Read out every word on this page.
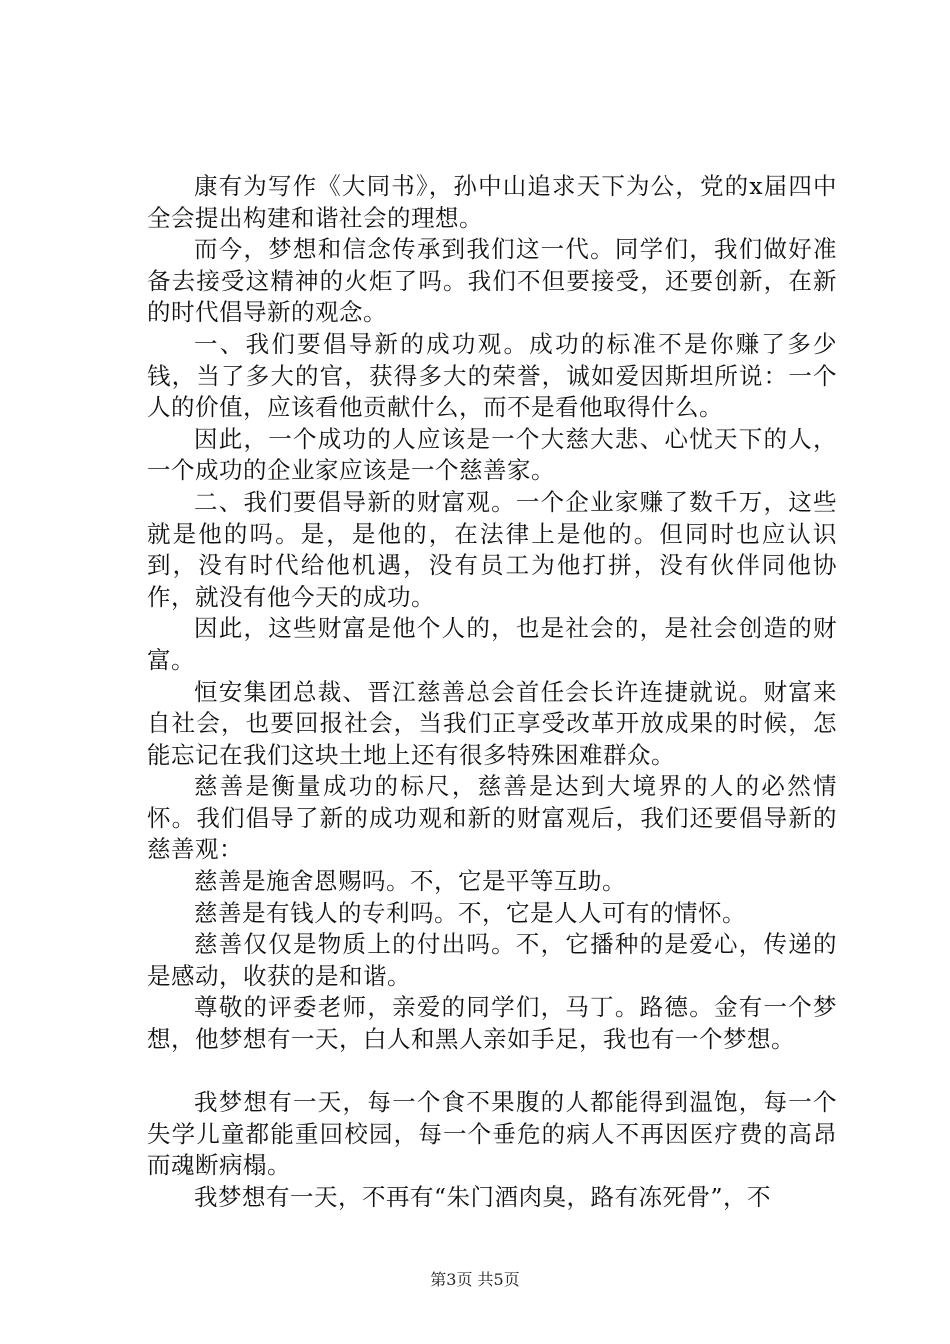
康有为写作《大同书》，孙中山追求天下为公，党的x届四中全会提出构建和谐社会的理想。

而今，梦想和信念传承到我们这一代。同学们，我们做好准备去接受这精神的火炬了吗。我们不但要接受，还要创新，在新的时代倡导新的观念。

一、我们要倡导新的成功观。成功的标准不是你赚了多少钱，当了多大的官，获得多大的荣誉，诚如爱因斯坦所说：一个人的价值，应该看他贡献什么，而不是看他取得什么。

因此，一个成功的人应该是一个大慈大悲、心忧天下的人，一个成功的企业家应该是一个慈善家。

二、我们要倡导新的财富观。一个企业家赚了数千万，这些就是他的吗。是，是他的，在法律上是他的。但同时也应认识到，没有时代给他机遇，没有员工为他打拼，没有伙伴同他协作，就没有他今天的成功。

因此，这些财富是他个人的，也是社会的，是社会创造的财富。

恒安集团总裁、晋江慈善总会首任会长许连捷就说。财富来自社会，也要回报社会，当我们正享受改革开放成果的时候，怎能忘记在我们这块土地上还有很多特殊困难群众。

慈善是衡量成功的标尺，慈善是达到大境界的人的必然情怀。我们倡导了新的成功观和新的财富观后，我们还要倡导新的慈善观：

慈善是施舍恩赐吗。不，它是平等互助。

慈善是有钱人的专利吗。不，它是人人可有的情怀。

慈善仅仅是物质上的付出吗。不，它播种的是爱心，传递的是感动，收获的是和谐。

尊敬的评委老师，亲爱的同学们，马丁。路德。金有一个梦想，他梦想有一天，白人和黑人亲如手足，我也有一个梦想。

我梦想有一天，每一个食不果腹的人都能得到温饱，每一个失学儿童都能重回校园，每一个垂危的病人不再因医疗费的高昂而魂断病榻。

我梦想有一天，不再有“朱门酒肉臭，路有冻死骨”，不

第3页 共5页
